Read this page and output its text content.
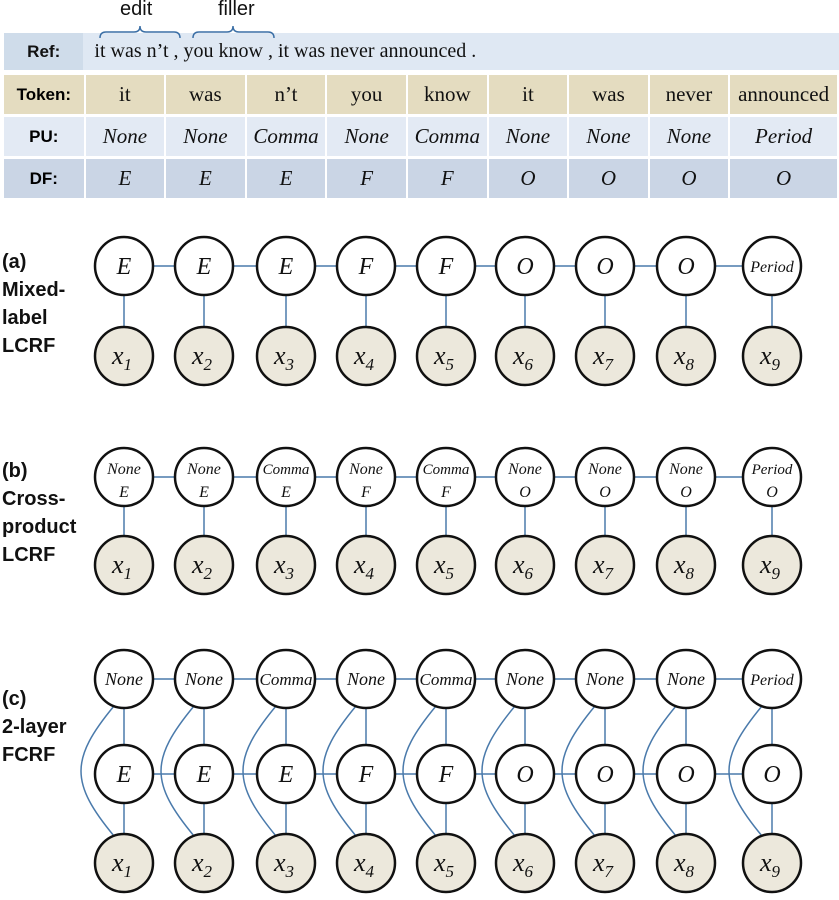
edit	filler
Ref:	it was n’t , you know , it was never announced .
Token:	it	was	n’t	you	know	it	was	never	announced
PU:	None	None	Comma	None	Comma	None	None	None	Period
DF:	E	E	E	F	F	O	O	O	O
(a)
Mixed-
label
LCRF
(b)
Cross-
product
LCRF
(c)
2-layer
FCRF
E
$x_1$
E
$x_2$
E
$x_3$
F
$x_4$
F
$x_5$
O
$x_6$
O
$x_7$
O
$x_8$
Period
$x_9$
None
E
$x_1$
None
E
$x_2$
Comma
E
$x_3$
None
F
$x_4$
Comma
F
$x_5$
None
O
$x_6$
None
O
$x_7$
None
O
$x_8$
Period
O
$x_9$
None
E
$x_1$
None
E
$x_2$
Comma
E
$x_3$
None
F
$x_4$
Comma
F
$x_5$
None
O
$x_6$
None
O
$x_7$
None
O
$x_8$
Period
O
$x_9$
